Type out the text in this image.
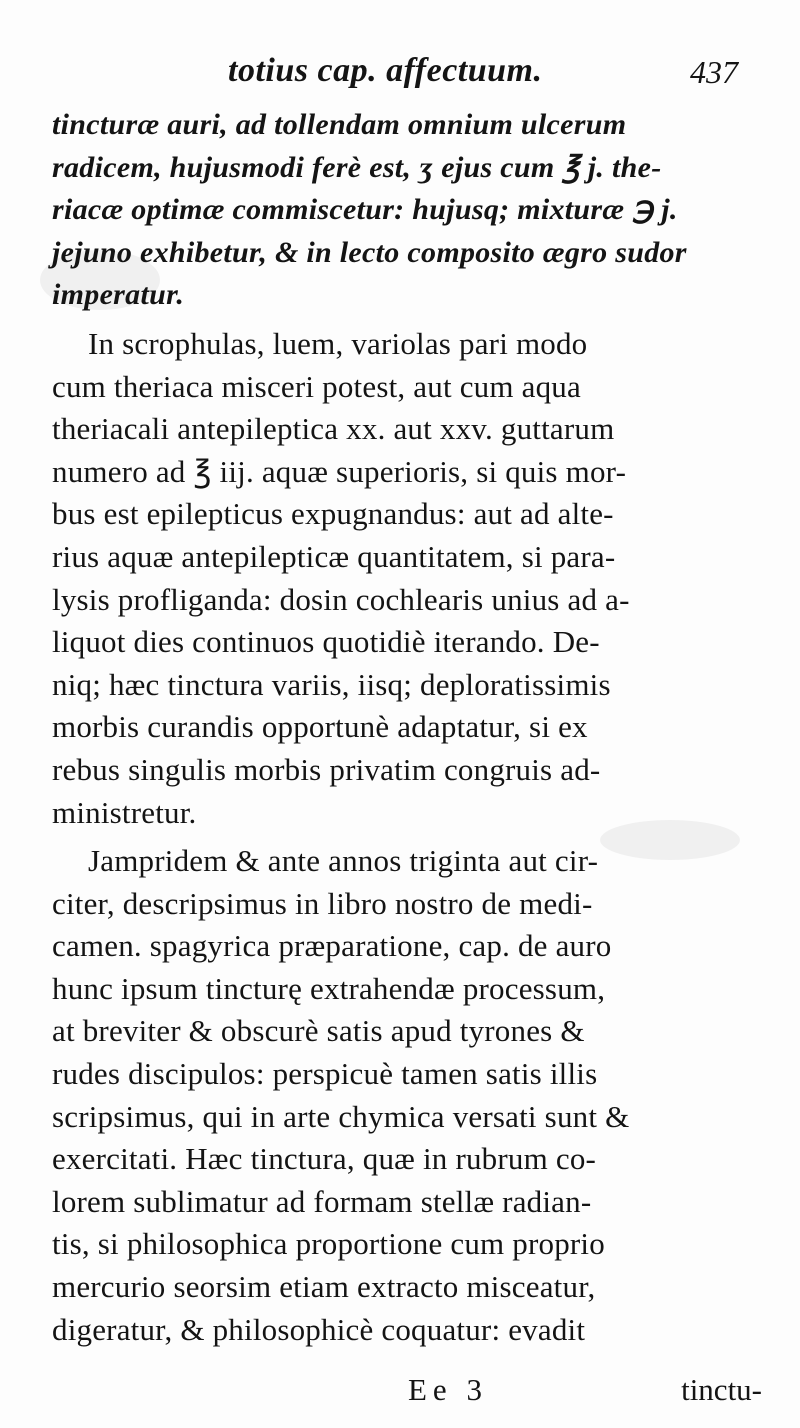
totius cap. affectuum.	437
tincturæ auri, ad tollendam omnium ulcerum
radicem, hujusmodi ferè est, ʒ ejus cum ℥ j. the-
riacæ optimæ commiscetur: hujusq; mixturæ ℈ j.
jejuno exhibetur, & in lecto composito ægro sudor
imperatur.
In scrophulas, luem, variolas pari modo
cum theriaca misceri potest, aut cum aqua
theriacali antepileptica xx. aut xxv. guttarum
numero ad ℥ iij. aquæ superioris, si quis mor-
bus est epilepticus expugnandus: aut ad alte-
rius aquæ antepilepticæ quantitatem, si para-
lysis profliganda: dosin cochlearis unius ad a-
liquot dies continuos quotidiè iterando. De-
niq; hæc tinctura variis, iisq; deploratissimis
morbis curandis opportunè adaptatur, si ex
rebus singulis morbis privatim congruis ad-
ministretur.
Jampridem & ante annos triginta aut cir-
citer, descripsimus in libro nostro de medi-
camen. spagyrica præparatione, cap. de auro
hunc ipsum tincturę extrahendæ processum,
at breviter & obscurè satis apud tyrones &
rudes discipulos: perspicuè tamen satis illis
scripsimus, qui in arte chymica versati sunt &
exercitati. Hæc tinctura, quæ in rubrum co-
lorem sublimatur ad formam stellæ radian-
tis, si philosophica proportione cum proprio
mercurio seorsim etiam extracto misceatur,
digeratur, & philosophicè coquatur: evadit
Ee 3	tinctu-
